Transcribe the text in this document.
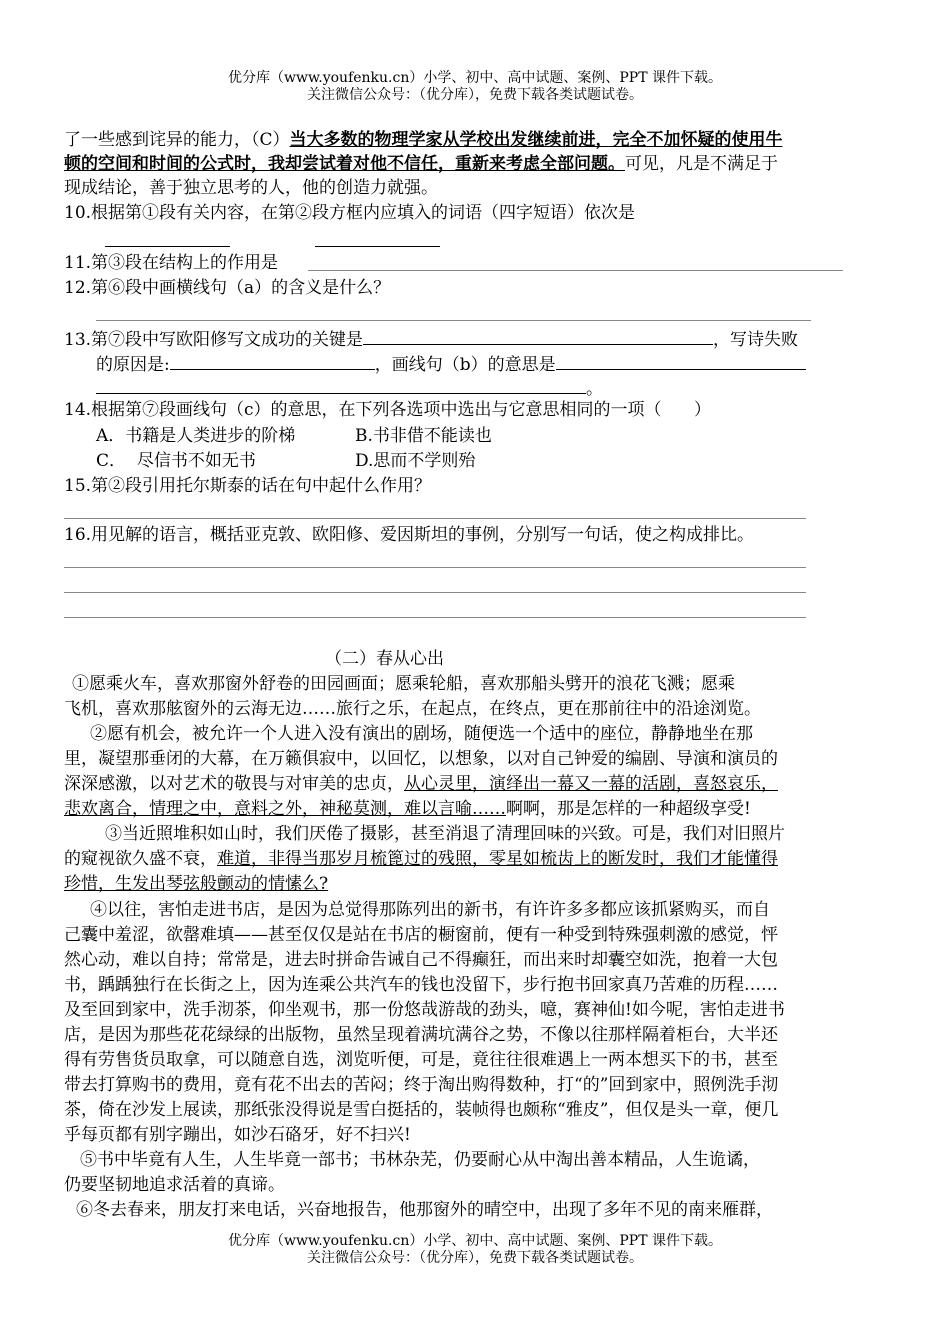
优分库（www.youfenku.cn）小学、初中、高中试题、案例、PPT 课件下载。
关注微信公众号：（优分库），免费下载各类试题试卷。
了一些感到诧异的能力，（C）当大多数的物理学家从学校出发继续前进，完全不加怀疑的使用牛
顿的空间和时间的公式时，我却尝试着对他不信任，重新来考虑全部问题。可见，凡是不满足于
现成结论，善于独立思考的人，他的创造力就强。
10.根据第①段有关内容，在第②段方框内应填入的词语（四字短语）依次是
11.第③段在结构上的作用是
12.第⑥段中画横线句（a）的含义是什么？
13.第⑦段中写欧阳修写文成功的关键是	，写诗失败
的原因是:	，画线句（b）的意思是
。
14.根据第⑦段画线句（c）的意思，在下列各选项中选出与它意思相同的一项（      ）
A．书籍是人类进步的阶梯	B.书非借不能读也
C．  尽信书不如无书	D.思而不学则殆
15.第②段引用托尔斯泰的话在句中起什么作用？
16.用见解的语言，概括亚克敦、欧阳修、爱因斯坦的事例，分别写一句话，使之构成排比。
（二）春从心出
①愿乘火车，喜欢那窗外舒卷的田园画面；愿乘轮船，喜欢那船头劈开的浪花飞溅；愿乘
飞机，喜欢那舷窗外的云海无边……旅行之乐，在起点，在终点，更在那前往中的沿途浏览。
②愿有机会，被允许一个人进入没有演出的剧场，随便选一个适中的座位，静静地坐在那
里，凝望那垂闭的大幕，在万籁俱寂中，以回忆，以想象，以对自己钟爱的编剧、导演和演员的
深深感激，以对艺术的敬畏与对审美的忠贞，从心灵里，演绎出一幕又一幕的活剧，喜怒哀乐，
悲欢离合，情理之中，意料之外，神秘莫测，难以言喻……啊啊，那是怎样的一种超级享受!
③当近照堆积如山时，我们厌倦了摄影，甚至消退了清理回味的兴致。可是，我们对旧照片
的窥视欲久盛不衰，难道，非得当那岁月梳篦过的残照，零星如梳齿上的断发时，我们才能懂得
珍惜，生发出琴弦般颤动的情愫么?
④以往，害怕走进书店，是因为总觉得那陈列出的新书，有许许多多都应该抓紧购买，而自
己囊中羞涩，欲罄难填——甚至仅仅是站在书店的橱窗前，便有一种受到特殊强刺激的感觉，怦
然心动，难以自持；常常是，进去时拼命告诫自己不得癫狂，而出来时却囊空如洗，抱着一大包
书，踽踽独行在长街之上，因为连乘公共汽车的钱也没留下，步行抱书回家真乃苦难的历程……
及至回到家中，洗手沏茶，仰坐观书，那一份悠哉游哉的劲头，噫，赛神仙!如今呢，害怕走进书
店，是因为那些花花绿绿的出版物，虽然呈现着满坑满谷之势，不像以往那样隔着柜台，大半还
得有劳售货员取拿，可以随意自选，浏览听便，可是，竟往往很难遇上一两本想买下的书，甚至
带去打算购书的费用，竟有花不出去的苦闷；终于淘出购得数种，打“的”回到家中，照例洗手沏
茶，倚在沙发上展读，那纸张没得说是雪白挺括的，装帧得也颇称“雅皮”，但仅是头一章，便几
乎每页都有别字蹦出，如沙石硌牙，好不扫兴!
⑤书中毕竟有人生，人生毕竟一部书；书林杂芜，仍要耐心从中淘出善本精品，人生诡谲，
仍要坚韧地追求活着的真谛。
⑥冬去春来，朋友打来电话，兴奋地报告，他那窗外的晴空中，出现了多年不见的南来雁群，
优分库（www.youfenku.cn）小学、初中、高中试题、案例、PPT 课件下载。
关注微信公众号：（优分库），免费下载各类试题试卷。
